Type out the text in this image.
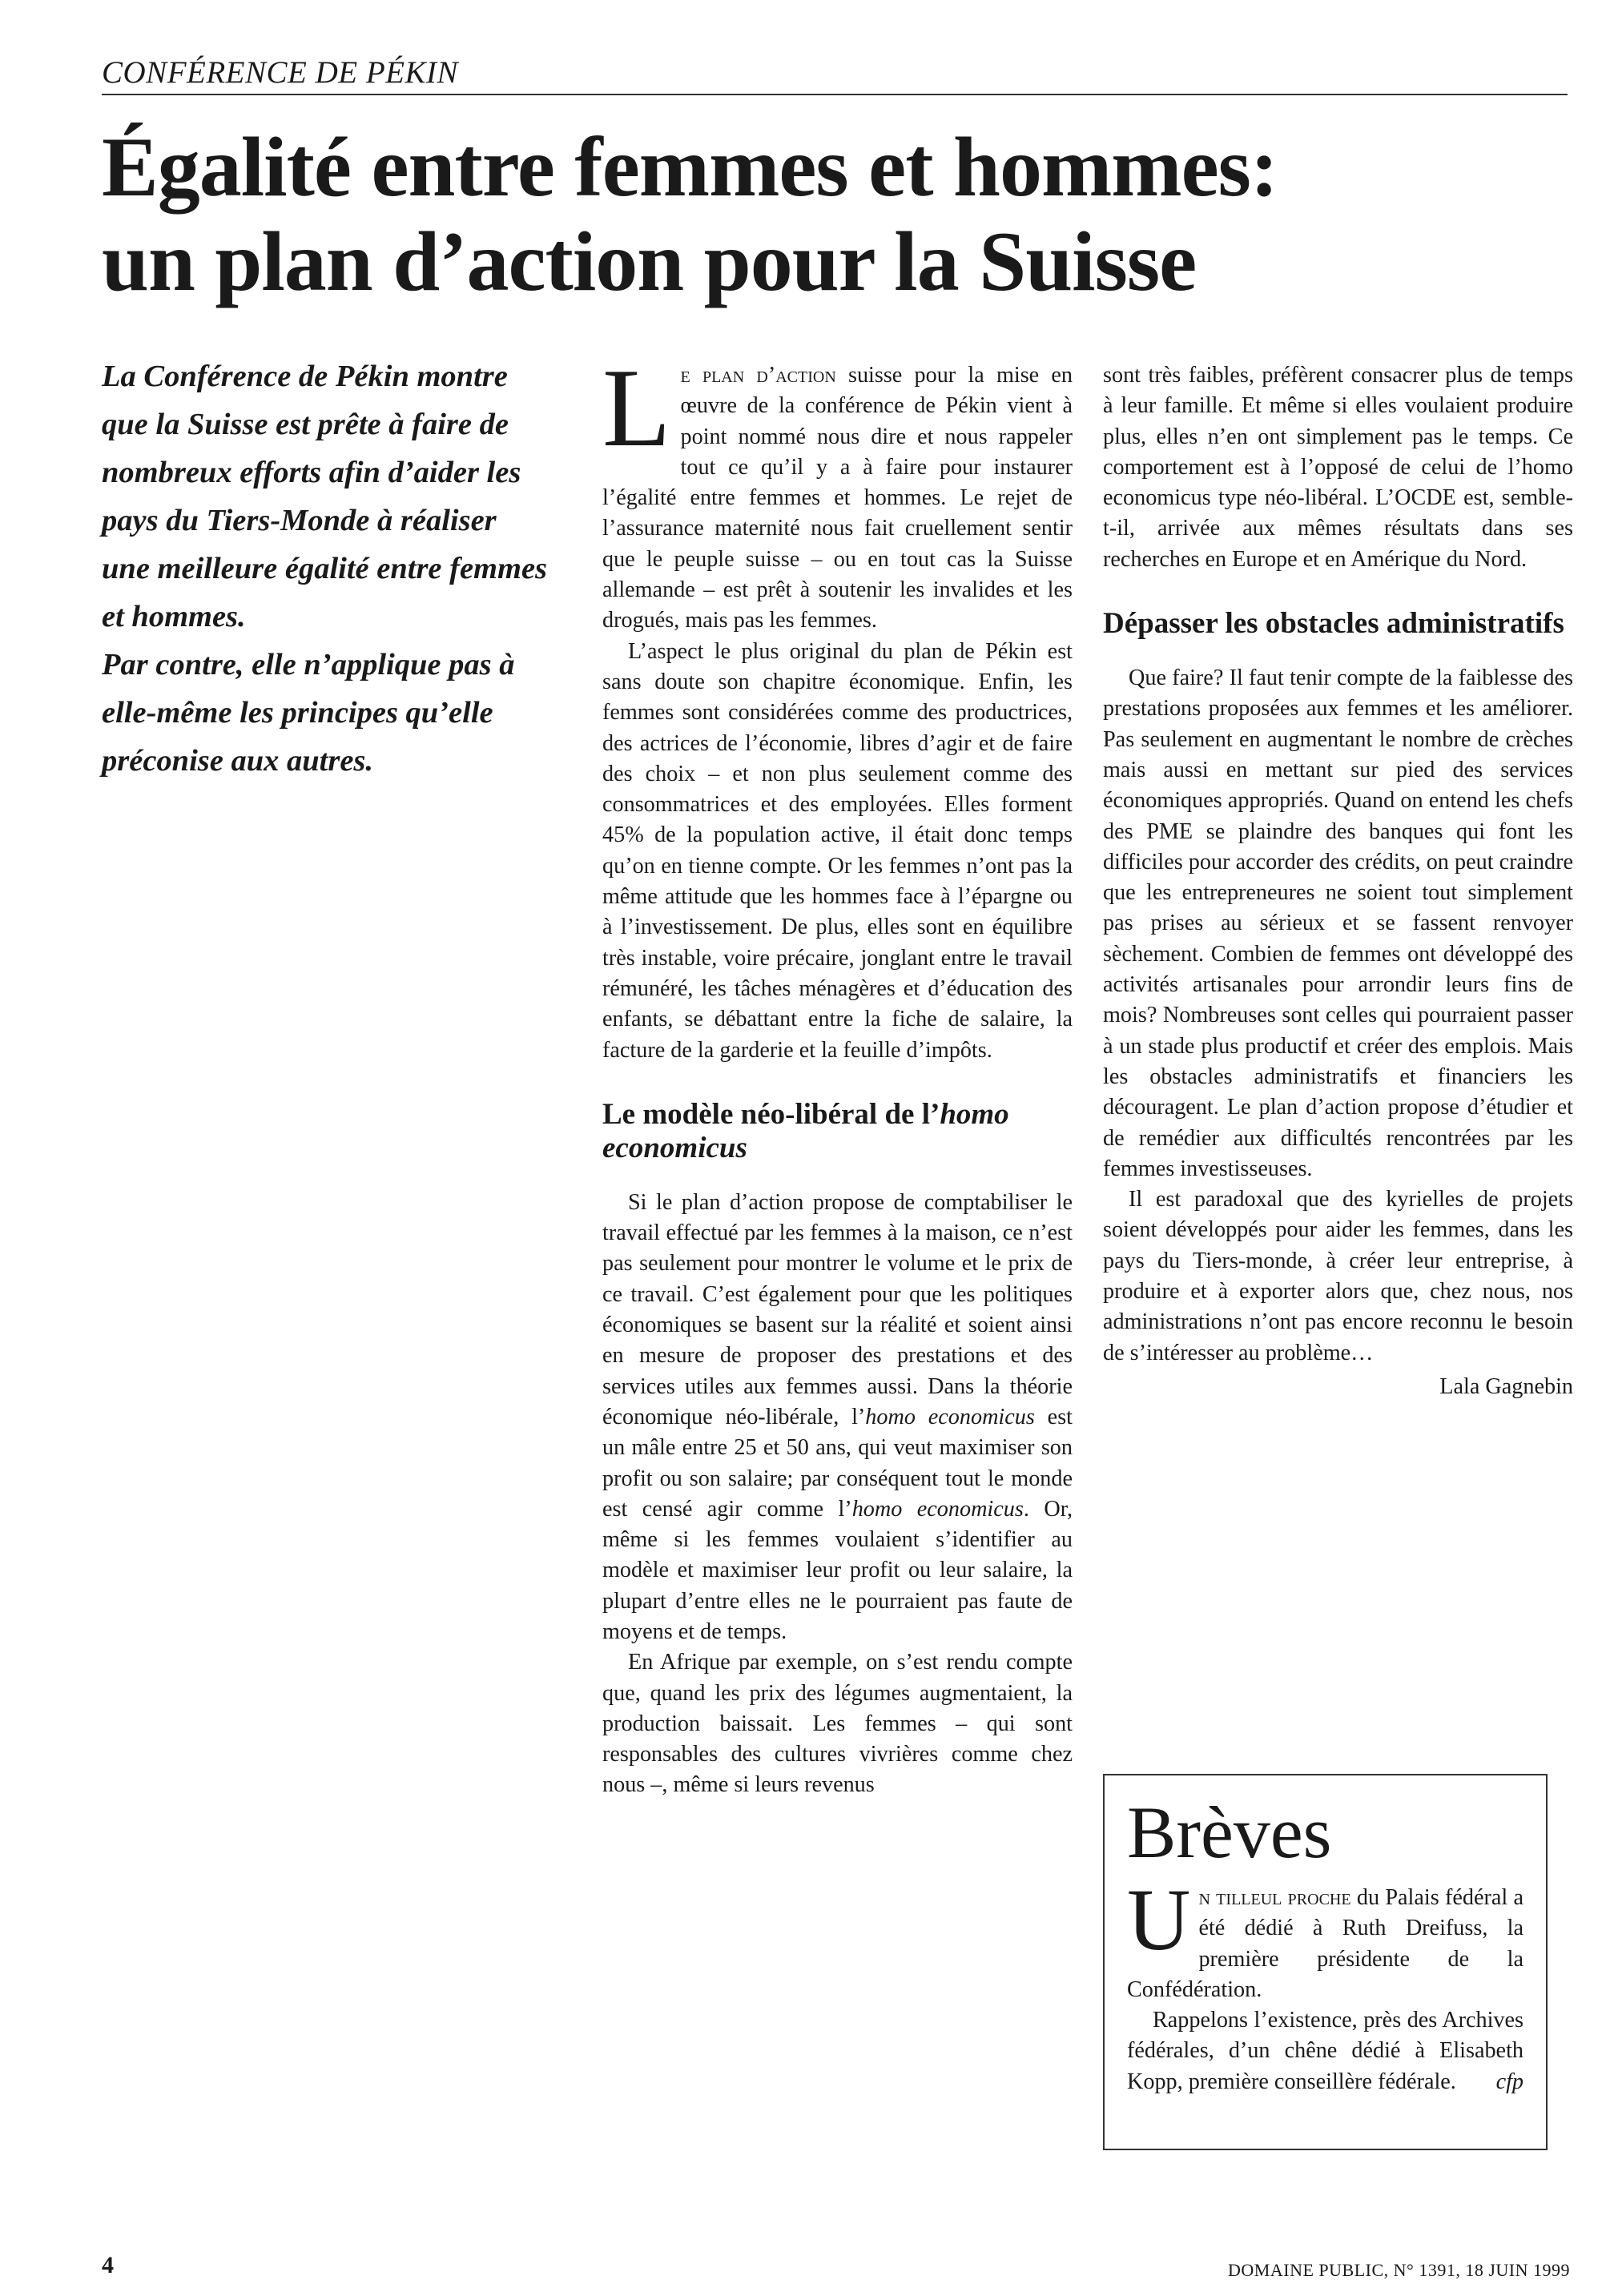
CONFÉRENCE DE PÉKIN
Égalité entre femmes et hommes:
un plan d’action pour la Suisse

La Conférence de Pékin montre que la Suisse est prête à faire de nombreux efforts afin d’aider les pays du Tiers-Monde à réaliser une meilleure égalité entre femmes et hommes.

Par contre, elle n’applique pas à elle-même les principes qu’elle préconise aux autres.

Le plan d’action suisse pour la mise en œuvre de la conférence de Pékin vient à point nommé nous dire et nous rappeler tout ce qu’il y a à faire pour instaurer l’égalité entre femmes et hommes. Le rejet de l’assurance maternité nous fait cruellement sentir que le peuple suisse – ou en tout cas la Suisse allemande – est prêt à soutenir les invalides et les drogués, mais pas les femmes.

L’aspect le plus original du plan de Pékin est sans doute son chapitre économique. Enfin, les femmes sont considérées comme des productrices, des actrices de l’économie, libres d’agir et de faire des choix – et non plus seulement comme des consommatrices et des employées. Elles forment 45% de la population active, il était donc temps qu’on en tienne compte. Or les femmes n’ont pas la même attitude que les hommes face à l’épargne ou à l’investissement. De plus, elles sont en équilibre très instable, voire précaire, jonglant entre le travail rémunéré, les tâches ménagères et d’éducation des enfants, se débattant entre la fiche de salaire, la facture de la garderie et la feuille d’impôts.

Le modèle néo-libéral de l’homo economicus

Si le plan d’action propose de comptabiliser le travail effectué par les femmes à la maison, ce n’est pas seulement pour montrer le volume et le prix de ce travail. C’est également pour que les politiques économiques se basent sur la réalité et soient ainsi en mesure de proposer des prestations et des services utiles aux femmes aussi. Dans la théorie économique néo-libérale, l’homo economicus est un mâle entre 25 et 50 ans, qui veut maximiser son profit ou son salaire; par conséquent tout le monde est censé agir comme l’homo economicus. Or, même si les femmes voulaient s’identifier au modèle et maximiser leur profit ou leur salaire, la plupart d’entre elles ne le pourraient pas faute de moyens et de temps.

En Afrique par exemple, on s’est rendu compte que, quand les prix des légumes augmentaient, la production baissait. Les femmes – qui sont responsables des cultures vivrières comme chez nous –, même si leurs revenus

sont très faibles, préfèrent consacrer plus de temps à leur famille. Et même si elles voulaient produire plus, elles n’en ont simplement pas le temps. Ce comportement est à l’opposé de celui de l’homo economicus type néo-libéral. L’OCDE est, semble-t-il, arrivée aux mêmes résultats dans ses recherches en Europe et en Amérique du Nord.

Dépasser les obstacles administratifs

Que faire? Il faut tenir compte de la faiblesse des prestations proposées aux femmes et les améliorer. Pas seulement en augmentant le nombre de crèches mais aussi en mettant sur pied des services économiques appropriés. Quand on entend les chefs des PME se plaindre des banques qui font les difficiles pour accorder des crédits, on peut craindre que les entrepreneures ne soient tout simplement pas prises au sérieux et se fassent renvoyer sèchement. Combien de femmes ont développé des activités artisanales pour arrondir leurs fins de mois? Nombreuses sont celles qui pourraient passer à un stade plus productif et créer des emplois. Mais les obstacles administratifs et financiers les découragent. Le plan d’action propose d’étudier et de remédier aux difficultés rencontrées par les femmes investisseuses.

Il est paradoxal que des kyrielles de projets soient développés pour aider les femmes, dans les pays du Tiers-monde, à créer leur entreprise, à produire et à exporter alors que, chez nous, nos administrations n’ont pas encore reconnu le besoin de s’intéresser au problème…

Lala Gagnebin
Brèves

Un tilleul proche du Palais fédéral a été dédié à Ruth Dreifuss, la première présidente de la Confédération.

Rappelons l’existence, près des Archives fédérales, d’un chêne dédié à Elisabeth Kopp, première conseillère fédérale.	cfp

4	DOMAINE PUBLIC, N° 1391, 18 JUIN 1999
